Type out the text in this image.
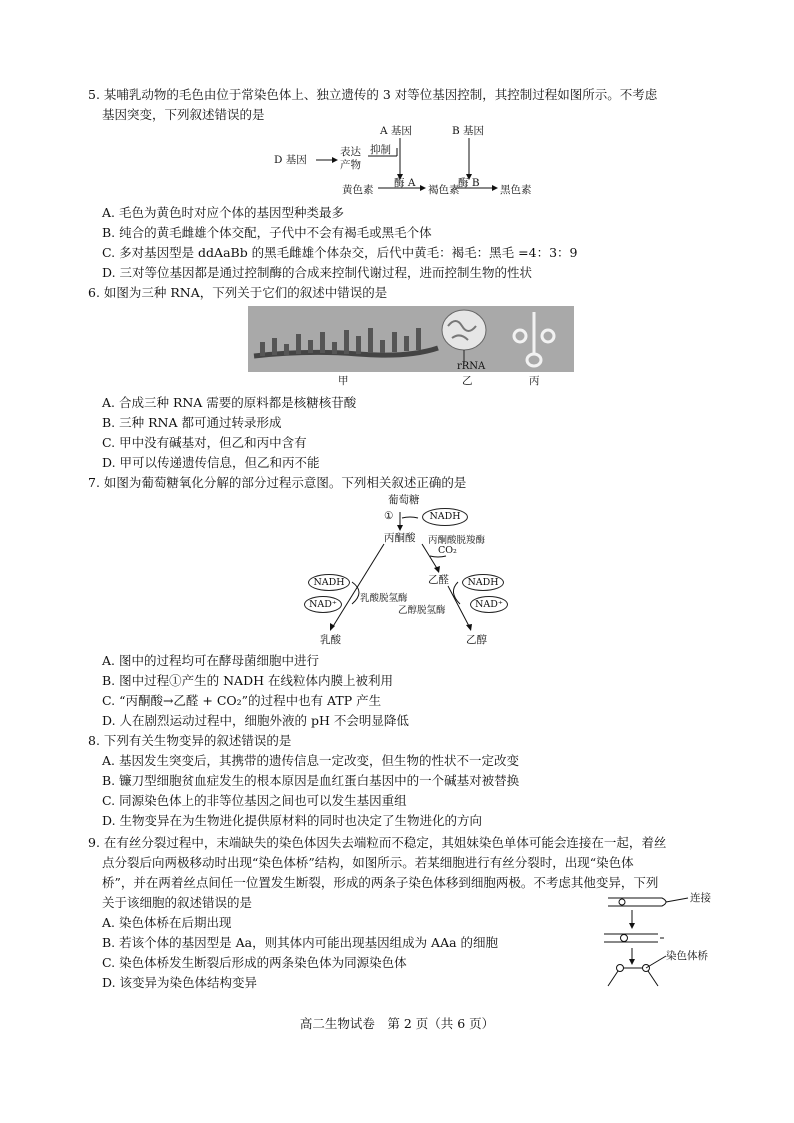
5. 某哺乳动物的毛色由位于常染色体上、独立遗传的 3 对等位基因控制，其控制过程如图所示。不考虑
基因突变，下列叙述错误的是
A 基因	B 基因
D 基因
表达
产物
抑制
黄色素
酶 A
褐色素
酶 B
黑色素
A. 毛色为黄色时对应个体的基因型种类最多
B. 纯合的黄毛雌雄个体交配，子代中不会有褐毛或黑毛个体
C. 多对基因型是 ddAaBb 的黑毛雌雄个体杂交，后代中黄毛：褐毛：黑毛 =4：3：9
D. 三对等位基因都是通过控制酶的合成来控制代谢过程，进而控制生物的性状
6. 如图为三种 RNA，下列关于它们的叙述中错误的是
rRNA
甲	乙	丙
A. 合成三种 RNA 需要的原料都是核糖核苷酸
B. 三种 RNA 都可通过转录形成
C. 甲中没有碱基对，但乙和丙中含有
D. 甲可以传递遗传信息，但乙和丙不能
7. 如图为葡萄糖氧化分解的部分过程示意图。下列相关叙述正确的是
葡萄糖
①	NADH
丙酮酸 丙酮酸脱羧酶
CO₂
乙醛
NADH
NAD⁺
NADH
NAD⁺
乳酸脱氢酶
乙醇脱氢酶
乳酸	乙醇
A. 图中的过程均可在酵母菌细胞中进行
B. 图中过程①产生的 NADH 在线粒体内膜上被利用
C. “丙酮酸→乙醛 + CO₂”的过程中也有 ATP 产生
D. 人在剧烈运动过程中，细胞外液的 pH 不会明显降低
8. 下列有关生物变异的叙述错误的是
A. 基因发生突变后，其携带的遗传信息一定改变，但生物的性状不一定改变
B. 镰刀型细胞贫血症发生的根本原因是血红蛋白基因中的一个碱基对被替换
C. 同源染色体上的非等位基因之间也可以发生基因重组
D. 生物变异在为生物进化提供原材料的同时也决定了生物进化的方向
9. 在有丝分裂过程中，末端缺失的染色体因失去端粒而不稳定，其姐妹染色单体可能会连接在一起，着丝
点分裂后向两极移动时出现“染色体桥”结构，如图所示。若某细胞进行有丝分裂时，出现“染色体
桥”，并在两着丝点间任一位置发生断裂，形成的两条子染色体移到细胞两极。不考虑其他变异，下列
关于该细胞的叙述错误的是	连接
染色体桥
A. 染色体桥在后期出现
B. 若该个体的基因型是 Aa，则其体内可能出现基因组成为 AAa 的细胞
C. 染色体桥发生断裂后形成的两条染色体为同源染色体
D. 该变异为染色体结构变异
高二生物试卷　第 2 页（共 6 页）
